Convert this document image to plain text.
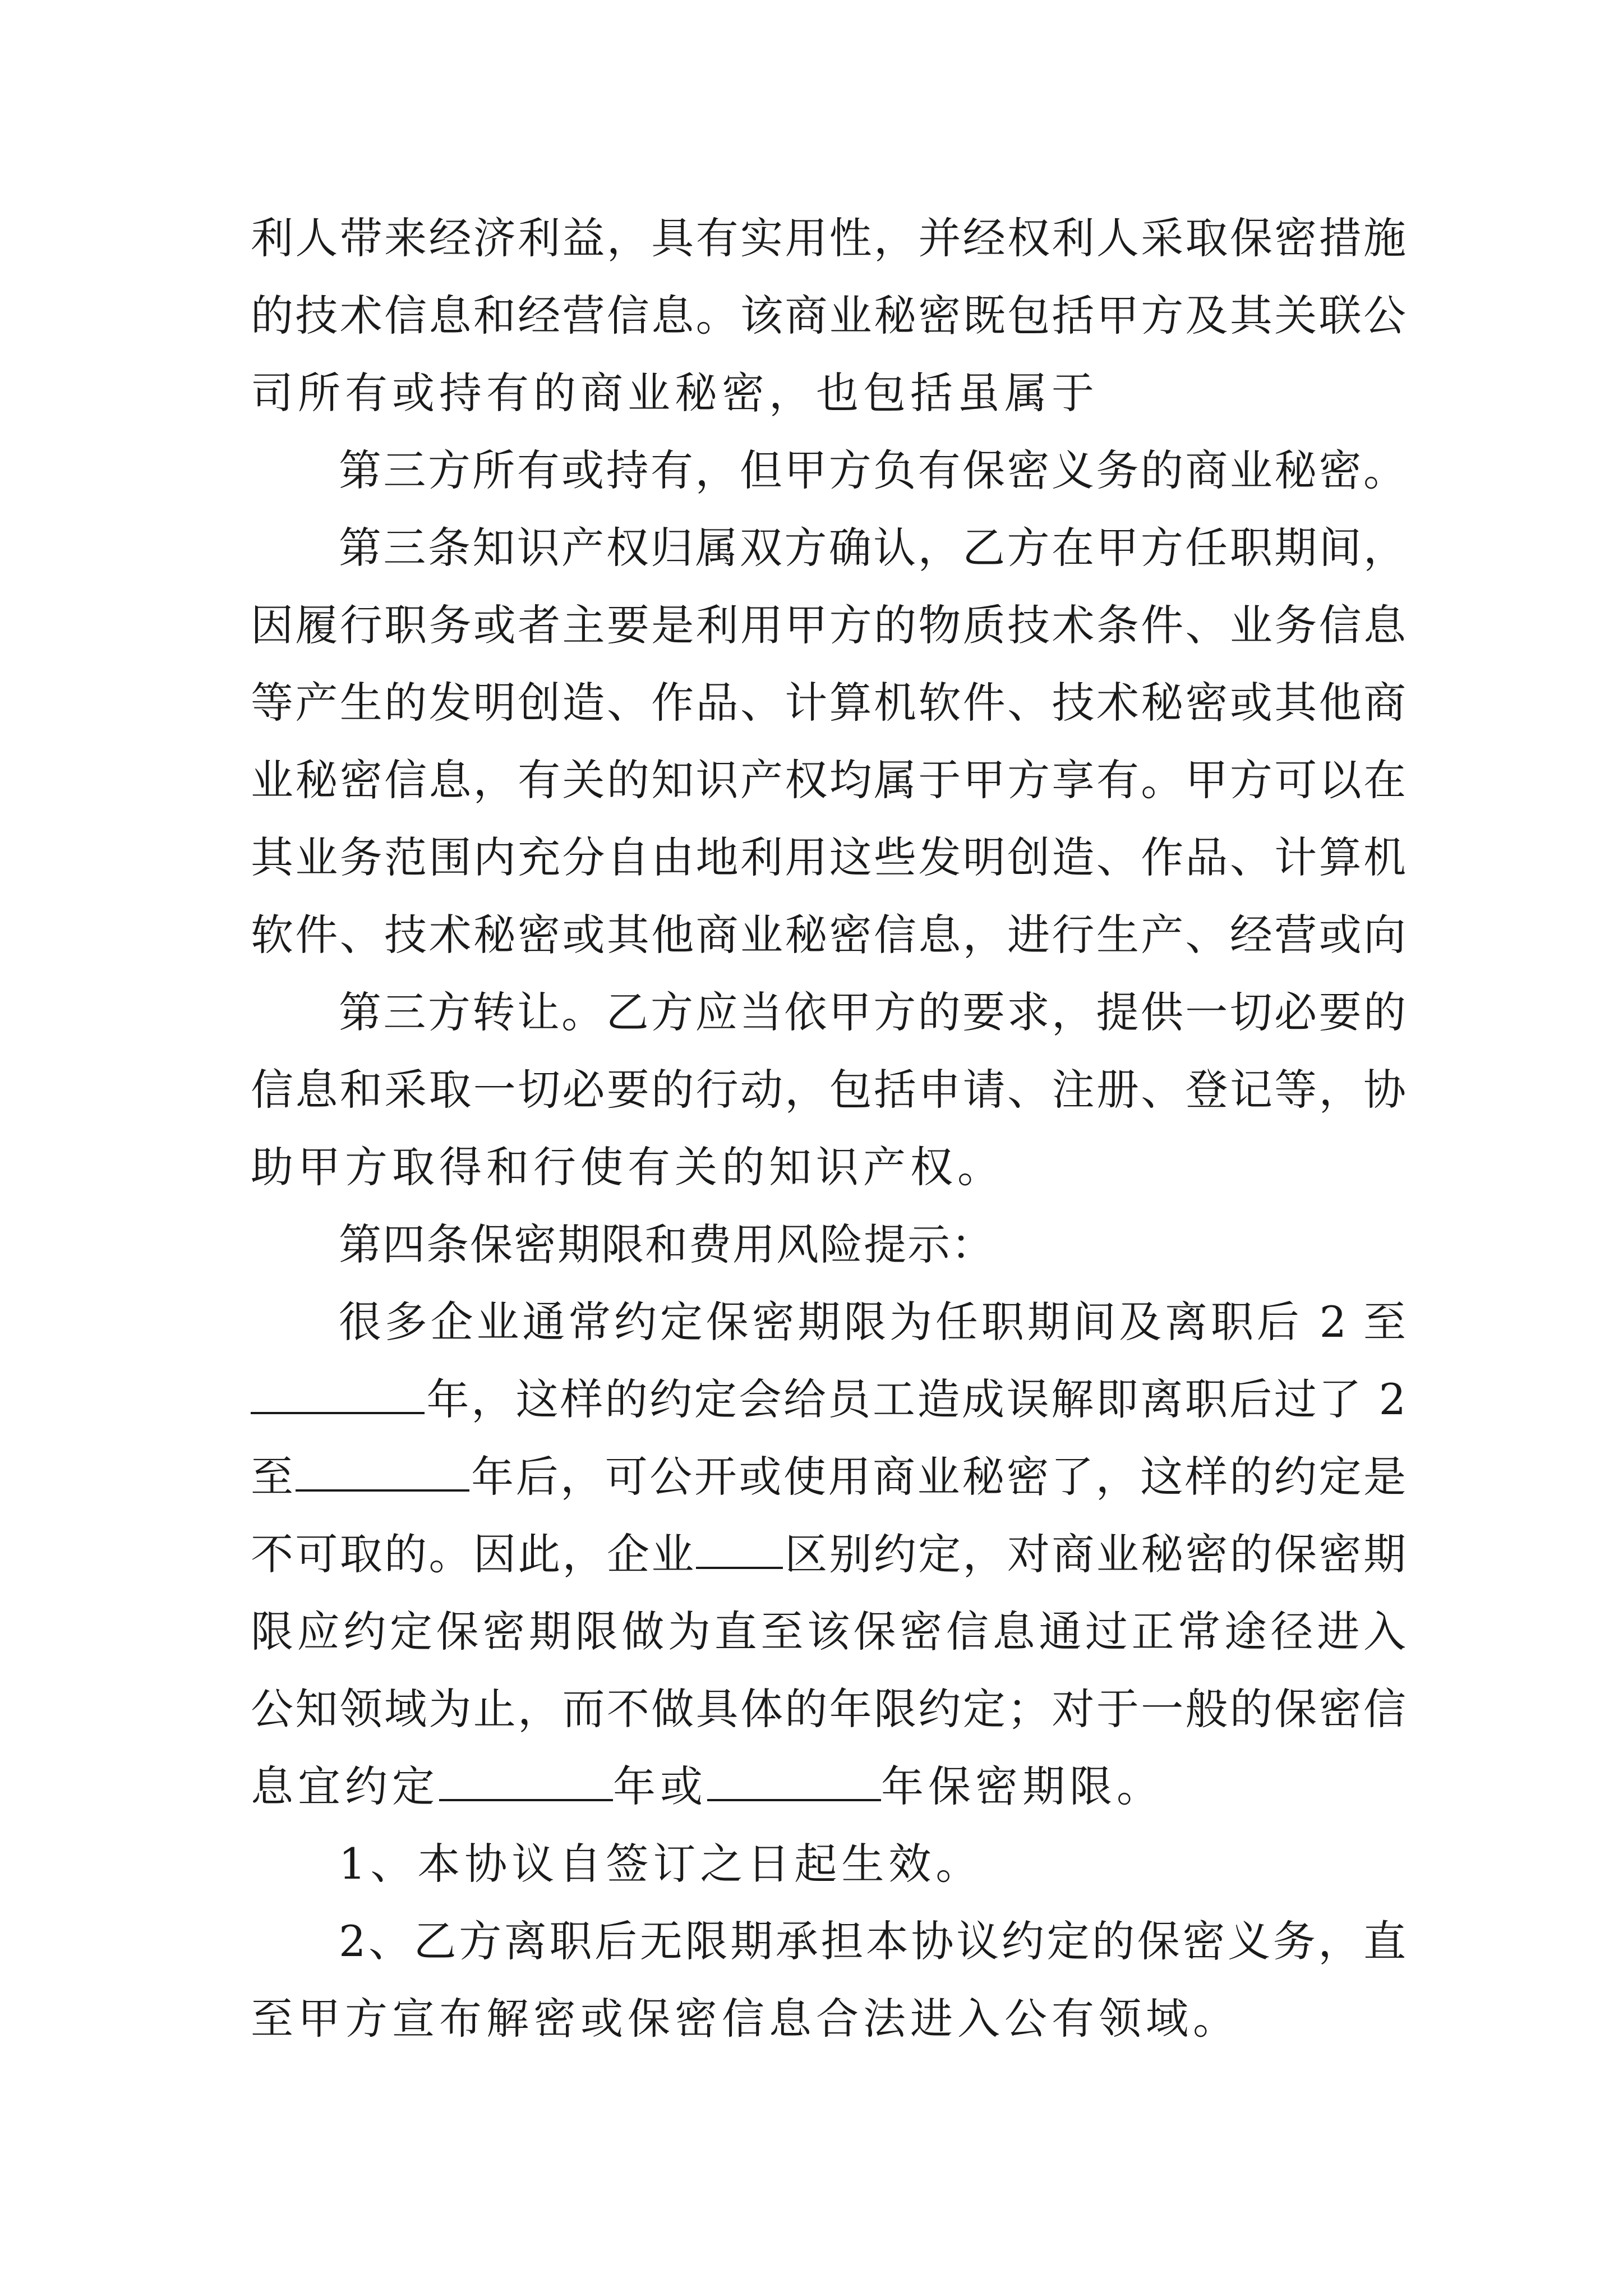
利人带来经济利益，具有实用性，并经权利人采取保密措施

的技术信息和经营信息。该商业秘密既包括甲方及其关联公

司所有或持有的商业秘密，也包括虽属于

第三方所有或持有，但甲方负有保密义务的商业秘密。

第三条知识产权归属双方确认，乙方在甲方任职期间，

因履行职务或者主要是利用甲方的物质技术条件、业务信息

等产生的发明创造、作品、计算机软件、技术秘密或其他商

业秘密信息，有关的知识产权均属于甲方享有。甲方可以在

其业务范围内充分自由地利用这些发明创造、作品、计算机

软件、技术秘密或其他商业秘密信息，进行生产、经营或向

第三方转让。乙方应当依甲方的要求，提供一切必要的

信息和采取一切必要的行动，包括申请、注册、登记等，协

助甲方取得和行使有关的知识产权。

第四条保密期限和费用风险提示：

很多企业通常约定保密期限为任职期间及离职后 2 至

年，这样的约定会给员工造成误解即离职后过了 2

至	年后，可公开或使用商业秘密了，这样的约定是

不可取的。因此，企业 区别约定，对商业秘密的保密期

限应约定保密期限做为直至该保密信息通过正常途径进入

公知领域为止，而不做具体的年限约定；对于一般的保密信

息宜约定	年或	年保密期限。

1、本协议自签订之日起生效。

2、乙方离职后无限期承担本协议约定的保密义务，直

至甲方宣布解密或保密信息合法进入公有领域。
